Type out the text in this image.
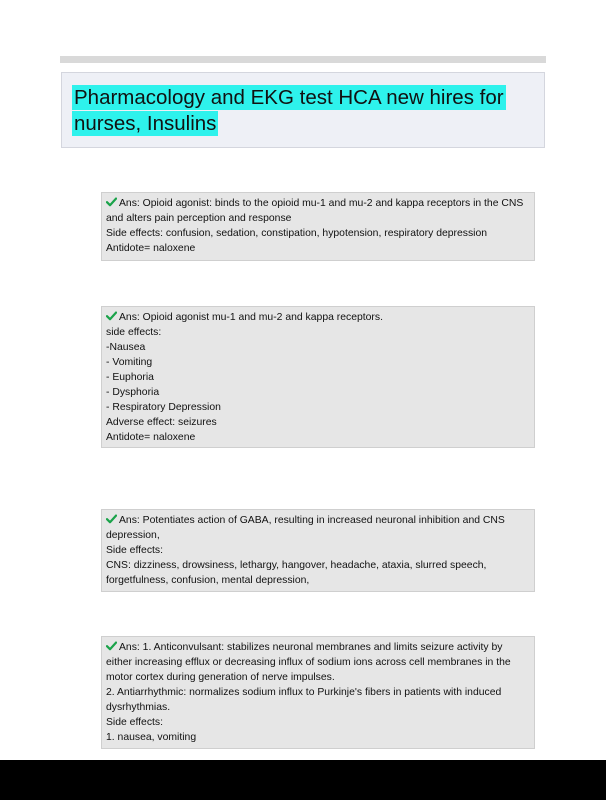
Pharmacology and EKG test HCA new hires for nurses, Insulins
Ans: Opioid agonist: binds to the opioid mu-1 and mu-2 and kappa receptors in the CNS and alters pain perception and response
Side effects: confusion, sedation, constipation, hypotension, respiratory depression
Antidote= naloxene
Ans: Opioid agonist mu-1 and mu-2 and kappa receptors.
side effects:
-Nausea
- Vomiting
- Euphoria
- Dysphoria
- Respiratory Depression
Adverse effect: seizures
Antidote= naloxene
Ans: Potentiates action of GABA, resulting in increased neuronal inhibition and CNS depression,
Side effects:
CNS: dizziness, drowsiness, lethargy, hangover, headache, ataxia, slurred speech, forgetfulness, confusion, mental depression,
Ans: 1. Anticonvulsant: stabilizes neuronal membranes and limits seizure activity by either increasing efflux or decreasing influx of sodium ions across cell membranes in the motor cortex during generation of nerve impulses.
2. Antiarrhythmic: normalizes sodium influx to Purkinje's fibers in patients with induced dysrhythmias.
Side effects:
1. nausea, vomiting
